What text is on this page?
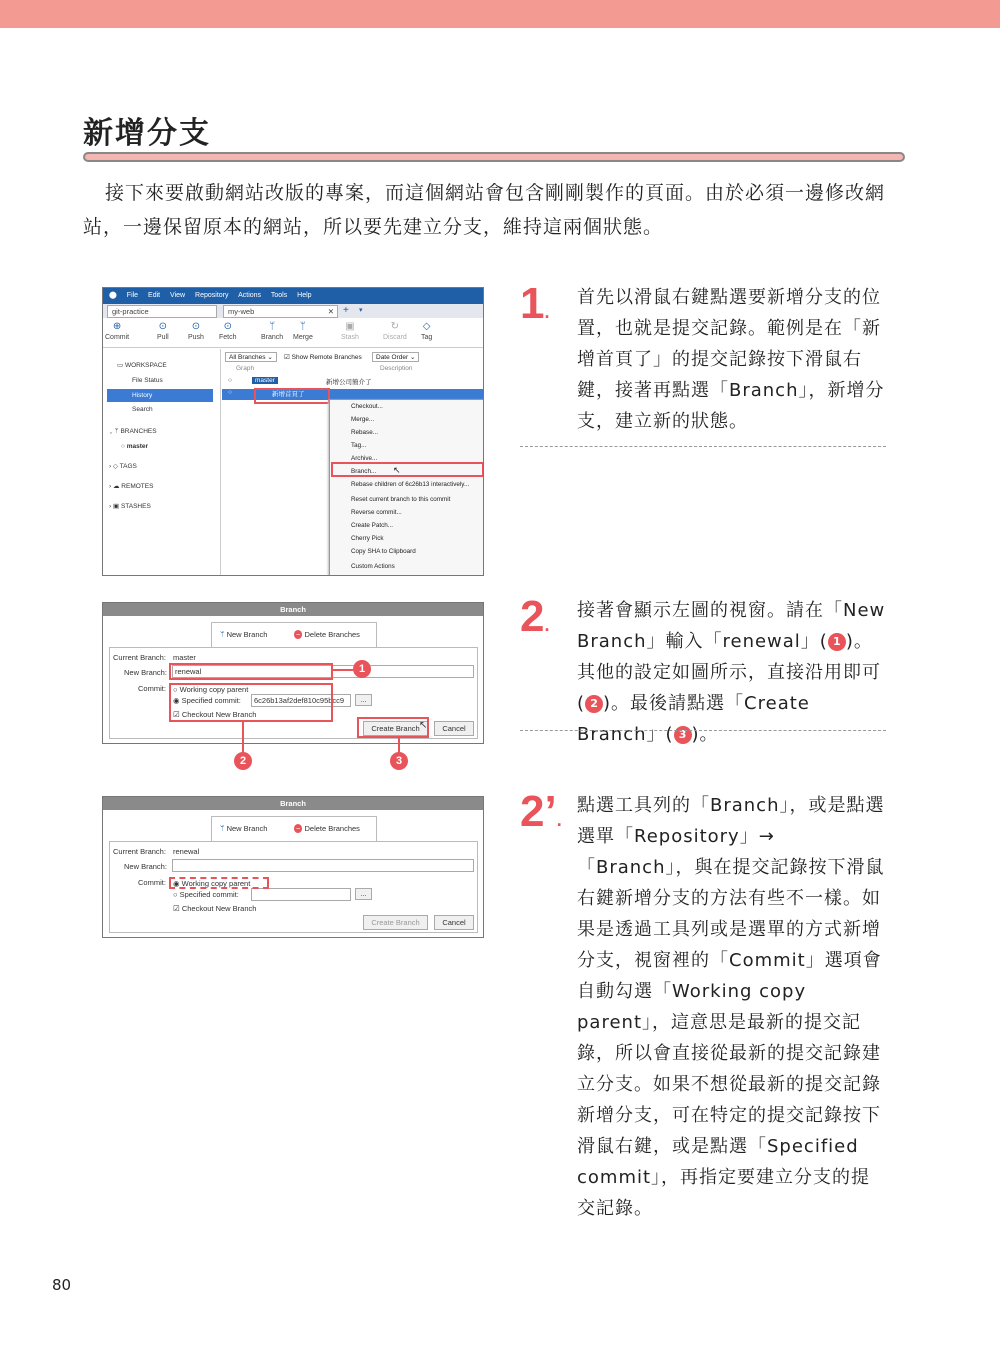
新增分支
接下來要啟動網站改版的專案，而這個網站會包含剛剛製作的頁面。由於必須一邊修改網站，一邊保留原本的網站，所以要先建立分支，維持這兩個狀態。
⬤ File Edit View Repository Actions Tools Help
git-practice	my-web	✕ + ▾
⊕
Commit
⊙
Pull
⊙
Push
⊙
Fetch
ᛘ
Branch
ᛘ
Merge
▣
Stash
↻
Discard
◇
Tag
▭ WORKSPACE
File Status
History
Search
⌄ ᛘ BRANCHES
○ master
› ◇ TAGS
› ☁ REMOTES
› ▣ STASHES
All Branches ⌄	☑ Show Remote Branches	Date Order ⌄
Graph	Description
○	master	新增公司簡介了
○	新增首頁了
Checkout...
Merge...
Rebase...
Tag...
Archive...
Branch...
Rebase children of 6c26b13 interactively...
Reset current branch to this commit
Reverse commit...
Create Patch...
Cherry Pick
Copy SHA to Clipboard
Custom Actions
↖
1.
首先以滑鼠右鍵點選要新增分支的位置，也就是提交記錄。範例是在「新增首頁了」的提交記錄按下滑鼠右鍵，接著再點選「Branch」，新增分支，建立新的狀態。
Branch
ᛘ New Branch	− Delete Branches
Current Branch: master
New Branch:	renewal
Commit: ○ Working copy parent
◉ Specified commit:	6c26b13af2def810c95bcc9	...
☑ Checkout New Branch
Create Branch	Cancel
↖
1
2	3
2.
接著會顯示左圖的視窗。請在「New Branch」輸入「renewal」( 1 )。其他的設定如圖所示，直接沿用即可( 2 )。最後請點選「Create Branch」( 3 )。
Branch
ᛘ New Branch	− Delete Branches
Current Branch: renewal
New Branch:
Commit: ◉ Working copy parent
○ Specified commit:	...
☑ Checkout New Branch
Create Branch	Cancel
2’.
點選工具列的「Branch」，或是點選選單「Repository」→「Branch」，與在提交記錄按下滑鼠右鍵新增分支的方法有些不一樣。如果是透過工具列或是選單的方式新增分支，視窗裡的「Commit」選項會自動勾選「Working copy parent」，這意思是最新的提交記錄，所以會直接從最新的提交記錄建立分支。如果不想從最新的提交記錄新增分支，可在特定的提交記錄按下滑鼠右鍵，或是點選「Specified commit」，再指定要建立分支的提交記錄。
80
